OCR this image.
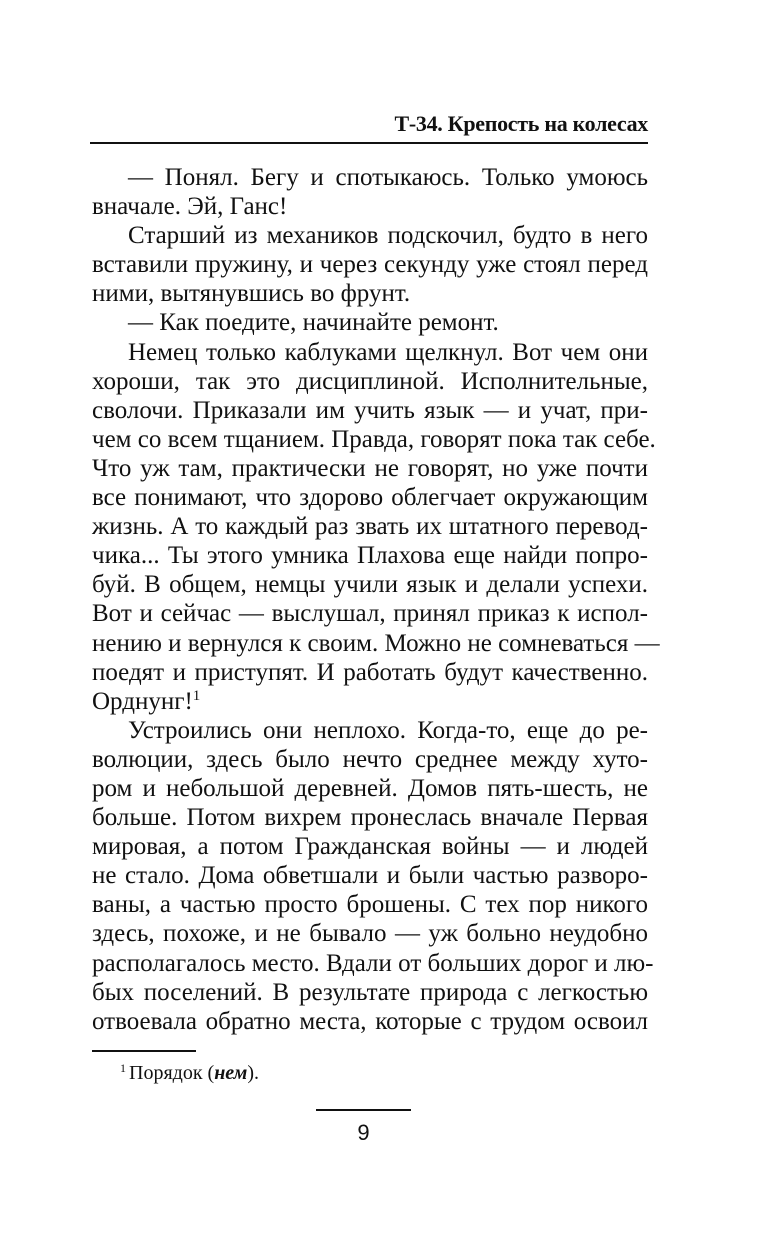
Т-34. Крепость на колесах
— Понял. Бегу и спотыкаюсь. Только умоюсь
вначале. Эй, Ганс!
Старший из механиков подскочил, будто в него
вставили пружину, и через секунду уже стоял перед
ними, вытянувшись во фрунт.
— Как поедите, начинайте ремонт.
Немец только каблуками щелкнул. Вот чем они
хороши, так это дисциплиной. Исполнительные,
сволочи. Приказали им учить язык — и учат, при-
чем со всем тщанием. Правда, говорят пока так себе.
Что уж там, практически не говорят, но уже почти
все понимают, что здорово облегчает окружающим
жизнь. А то каждый раз звать их штатного перевод-
чика... Ты этого умника Плахова еще найди попро-
буй. В общем, немцы учили язык и делали успехи.
Вот и сейчас — выслушал, принял приказ к испол-
нению и вернулся к своим. Можно не сомневаться —
поедят и приступят. И работать будут качественно.
Орднунг!$^1$
Устроились они неплохо. Когда-то, еще до ре-
волюции, здесь было нечто среднее между хуто-
ром и небольшой деревней. Домов пять-шесть, не
больше. Потом вихрем пронеслась вначале Первая
мировая, а потом Гражданская войны — и людей
не стало. Дома обветшали и были частью разворо-
ваны, а частью просто брошены. С тех пор никого
здесь, похоже, и не бывало — уж больно неудобно
располагалось место. Вдали от больших дорог и лю-
бых поселений. В результате природа с легкостью
отвоевала обратно места, которые с трудом освоил
$^1$ Порядок (нем).
9
